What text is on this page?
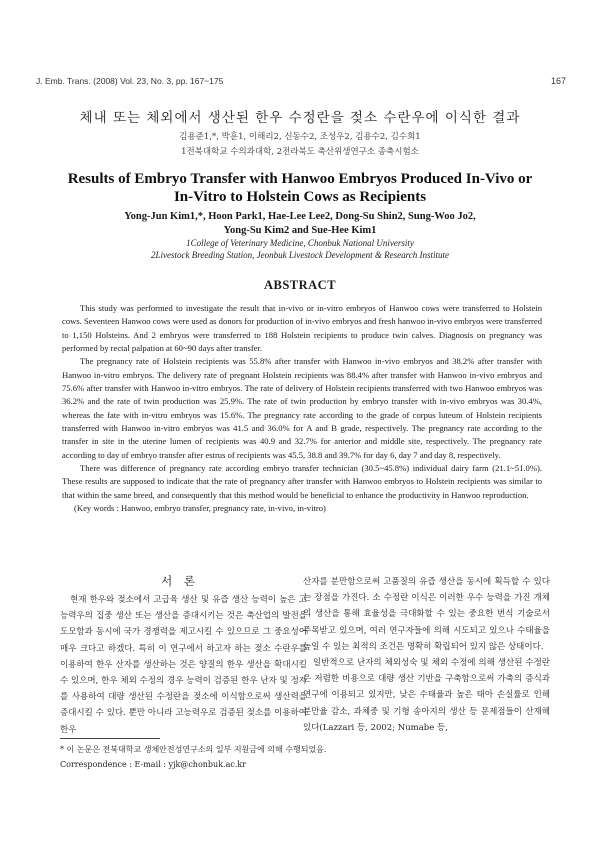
J. Emb. Trans. (2008) Vol. 23, No. 3, pp. 167~175	167
체내 또는 체외에서 생산된 한우 수정란을 젖소 수란우에 이식한 결과
김용준1,*, 박훈1, 이해리2, 신동수2, 조성우2, 김용수2, 김수희1
1전북대학교 수의과대학, 2전라북도 축산위생연구소 종축시험소
Results of Embryo Transfer with Hanwoo Embryos Produced In-Vivo or
In-Vitro to Holstein Cows as Recipients
Yong-Jun Kim1,*, Hoon Park1, Hae-Lee Lee2, Dong-Su Shin2, Sung-Woo Jo2,
Yong-Su Kim2 and Sue-Hee Kim1
1College of Veterinary Medicine, Chonbuk National University
2Livestock Breeding Station, Jeonbuk Livestock Development & Research Institute
ABSTRACT

This study was performed to investigate the result that in-vivo or in-vitro embryos of Hanwoo cows were transferred to Holstein cows. Seventeen Hanwoo cows were used as donors for production of in-vivo embryos and fresh hanwoo in-vivo embryos were transferred to 1,150 Holsteins. And 2 embryos were transferred to 188 Holstein recipients to produce twin calves. Diagnosis on pregnancy was performed by rectal palpation at 60~90 days after transfer.

The pregnancy rate of Holstein recipients was 55.8% after transfer with Hanwoo in-vivo embryos and 38.2% after transfer with Hanwoo in-vitro embryos. The delivery rate of pregnant Holstein recipients was 88.4% after transfer with Hanwoo in-vivo embryos and 75.6% after transfer with Hanwoo in-vitro embryos. The rate of delivery of Holstein recipients transferred with two Hanwoo embryos was 36.2% and the rate of twin production was 25.9%. The rate of twin production by embryo transfer with in-vivo embryos was 30.4%, whereas the fate with in-vitro embryos was 15.6%. The pregnancy rate according to the grade of corpus luteum of Holstein recipients transferred with Hanwoo in-vitro embryos was 41.5 and 36.0% for A and B grade, respectively. The pregnancy rate according to the transfer in site in the uterine lumen of recipients was 40.9 and 32.7% for anterior and middle site, respectively. The pregnancy rate according to day of embryo transfer after estrus of recipients was 45.5, 38.8 and 39.7% for day 6, day 7 and day 8, respectively.

There was difference of pregnancy rate according embryo transfer technician (30.5~45.8%) individual dairy farm (21.1~51.0%). These results are supposed to indicate that the rate of pregnancy after transfer with Hanwoo embryos to Holstein recipients was similar to that within the same breed, and consequently that this method would be beneficial to enhance the productivity in Hanwoo reproduction.

(Key words : Hanwoo, embryo transfer, pregnancy rate, in-vivo, in-vitro)

서 론

현재 한우와 젖소에서 고급육 생산 및 유즙 생산 능력이 높은 고능력우의 집중 생산 또는 생산을 증대시키는 것은 축산업의 발전을 도모함과 동시에 국가 경쟁력을 제고시킬 수 있으므로 그 중요성이 매우 크다고 하겠다. 특히 이 연구에서 하고자 하는 젖소 수란우를 이용하여 한우 산자를 생산하는 것은 양질의 한우 생산을 확대시킬 수 있으며, 한우 체외 수정의 경우 능력이 검증된 한우 난자 및 정자를 사용하여 대량 생산된 수정란을 젖소에 이식함으로써 생산력을 증대시킬 수 있다. 뿐만 아니라 고능력우로 검증된 젖소를 이용하여 한우

산자를 분만함으로써 고품질의 유즙 생산을 동시에 획득할 수 있다는 장점을 가진다. 소 수정란 이식은 이러한 우수 능력을 가진 개체의 생산을 통해 효율성을 극대화할 수 있는 중요한 번식 기술로서 주목받고 있으며, 여러 연구자들에 의해 시도되고 있으나 수태율을 높일 수 있는 최적의 조건은 명확히 확립되어 있지 않은 상태이다.

일반적으로 난자의 체외성숙 및 체외 수정에 의해 생산된 수정란은 저렴한 비용으로 대량 생산 기반을 구축함으로써 가축의 증식과 연구에 이용되고 있지만, 낮은 수태율과 높은 태아 손실률로 인해 분만율 감소, 과체중 및 기형 송아지의 생산 등 문제점들이 산재해 있다(Lazzari 등, 2002; Numabe 등,

* 이 논문은 전북대학교 생체안전성연구소의 일부 지원금에 의해 수행되었음.
Correspondence : E-mail : yjk@chonbuk.ac.kr
